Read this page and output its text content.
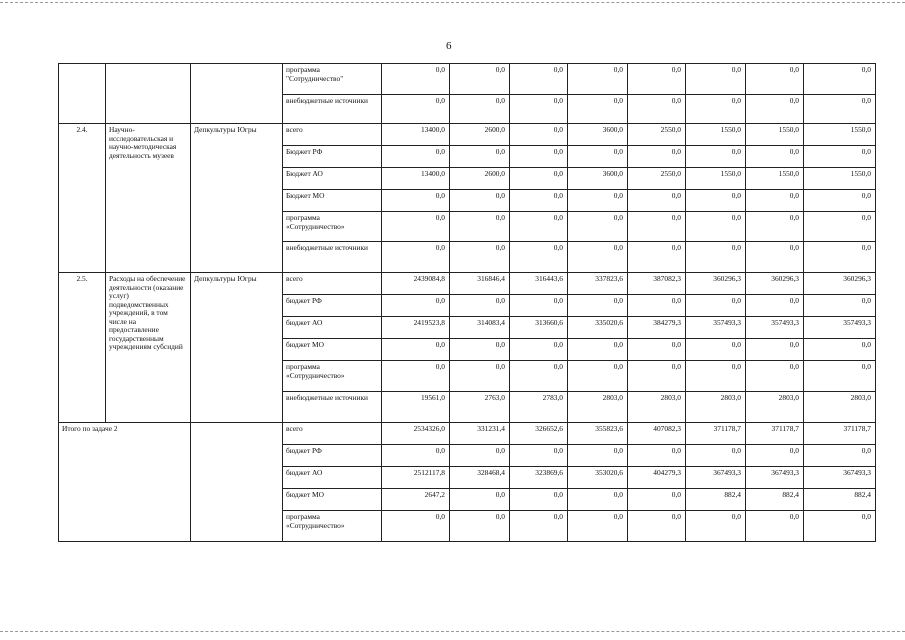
6
			программа "Сотрудничество"	0,0	0,0	0,0	0,0	0,0	0,0	0,0	0,0
			внебюджетные источники	0,0	0,0	0,0	0,0	0,0	0,0	0,0	0,0
2.4.	Научно-исследовательская и научно-методическая деятельность музеев	Депкультуры Югры	всего	13400,0	2600,0	0,0	3600,0	2550,0	1550,0	1550,0	1550,0
			Бюджет РФ	0,0	0,0	0,0	0,0	0,0	0,0	0,0	0,0
			Бюджет АО	13400,0	2600,0	0,0	3600,0	2550,0	1550,0	1550,0	1550,0
			Бюджет МО	0,0	0,0	0,0	0,0	0,0	0,0	0,0	0,0
			программа «Сотрудничество»	0,0	0,0	0,0	0,0	0,0	0,0	0,0	0,0
			внебюджетные источники	0,0	0,0	0,0	0,0	0,0	0,0	0,0	0,0
2.5.	Расходы на обеспечение деятельности (оказание услуг) подведомственных учреждений, в том числе на предоставление государственным учреждениям субсидий	Депкультуры Югры	всего	2439084,8	316846,4	316443,6	337823,6	387082,3	360296,3	360296,3	360296,3
			бюджет РФ	0,0	0,0	0,0	0,0	0,0	0,0	0,0	0,0
			бюджет АО	2419523,8	314083,4	313660,6	335020,6	384279,3	357493,3	357493,3	357493,3
			бюджет МО	0,0	0,0	0,0	0,0	0,0	0,0	0,0	0,0
			программа «Сотрудничество»	0,0	0,0	0,0	0,0	0,0	0,0	0,0	0,0
			внебюджетные источники	19561,0	2763,0	2783,0	2803,0	2803,0	2803,0	2803,0	2803,0
Итого по задаче 2			всего	2534326,0	331231,4	326652,6	355823,6	407082,3	371178,7	371178,7	371178,7
			бюджет РФ	0,0	0,0	0,0	0,0	0,0	0,0	0,0	0,0
			бюджет АО	2512117,8	328468,4	323869,6	353020,6	404279,3	367493,3	367493,3	367493,3
			бюджет МО	2647,2	0,0	0,0	0,0	0,0	882,4	882,4	882,4
			программа «Сотрудничество»	0,0	0,0	0,0	0,0	0,0	0,0	0,0	0,0
